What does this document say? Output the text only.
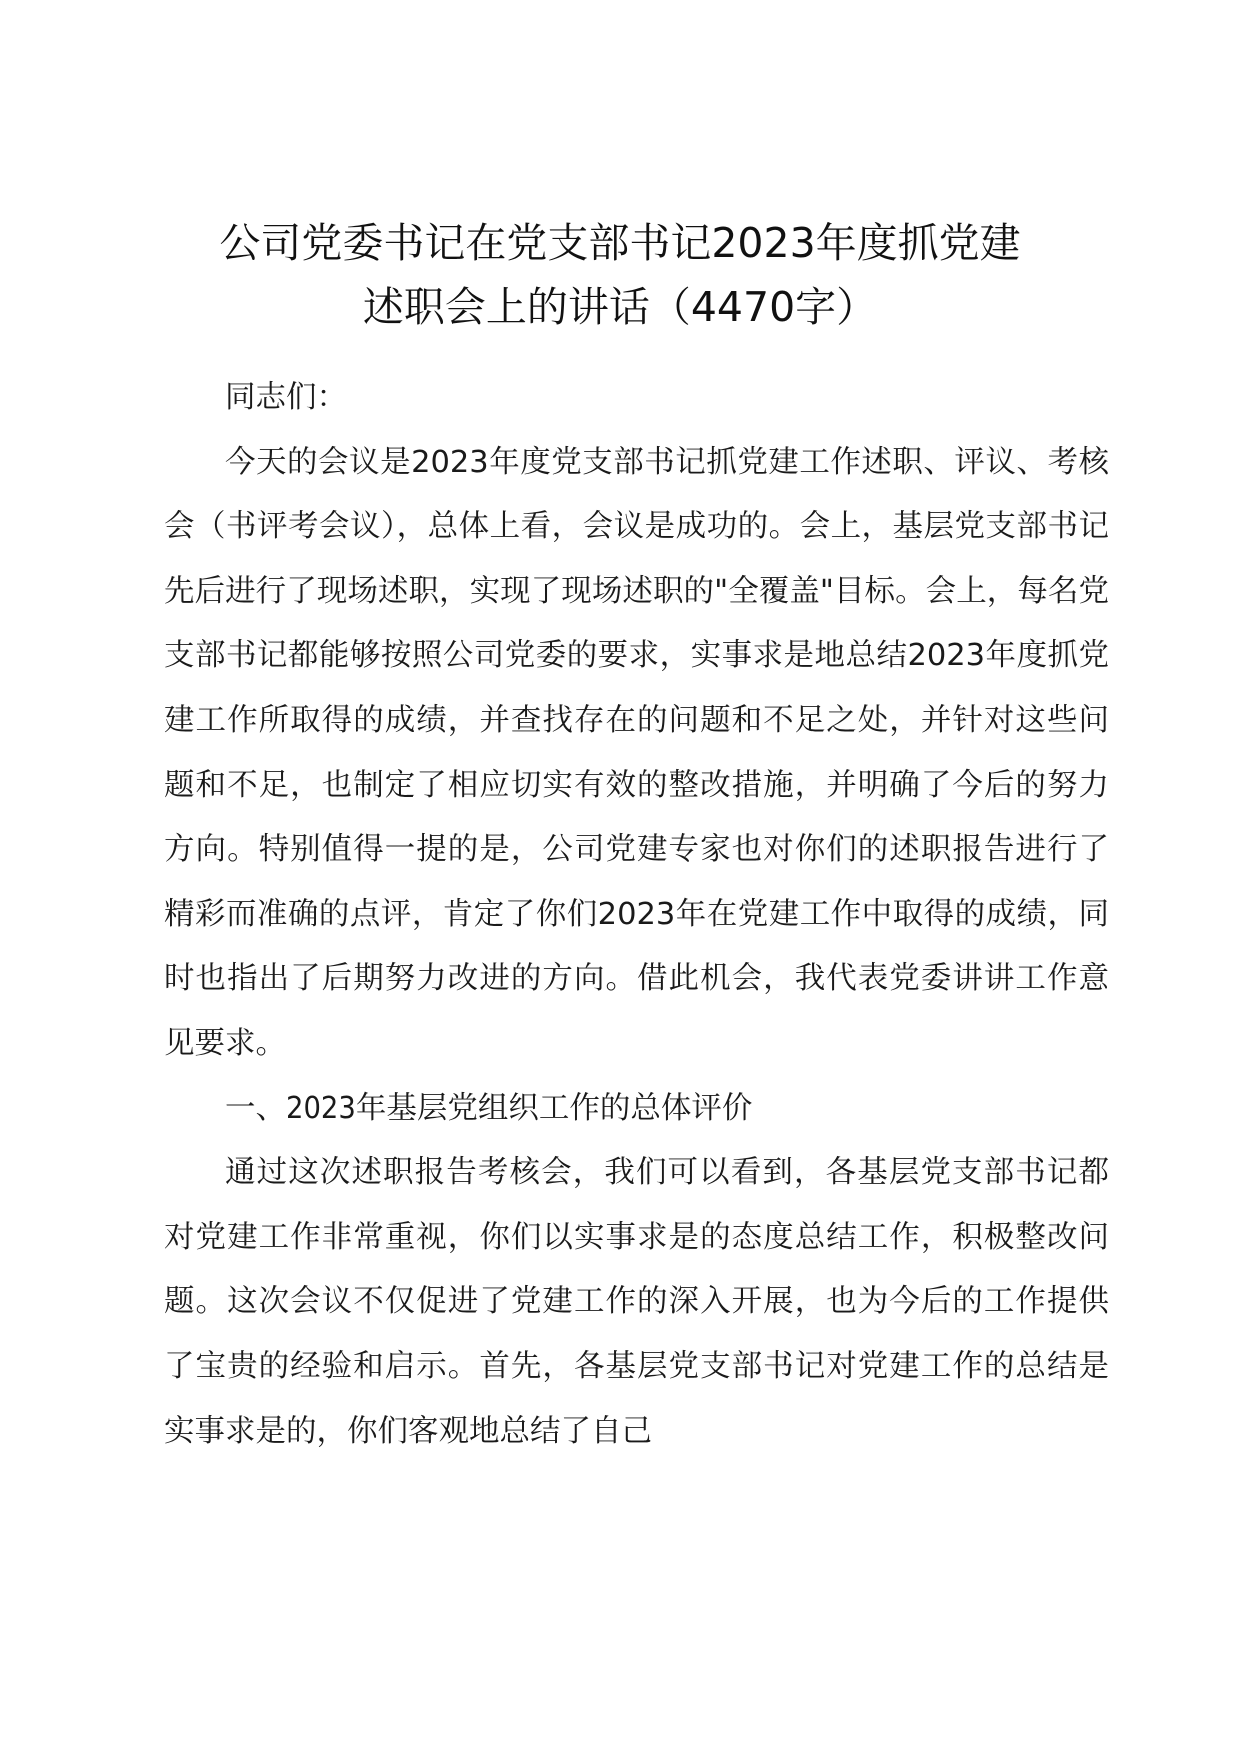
公司党委书记在党支部书记2023年度抓党建
述职会上的讲话（4470字）

同志们：

今天的会议是2023年度党支部书记抓党建工作述职、评议、考核会（书评考会议），总体上看，会议是成功的。会上，基层党支部书记先后进行了现场述职，实现了现场述职的"全覆盖"目标。会上，每名党支部书记都能够按照公司党委的要求，实事求是地总结2023年度抓党建工作所取得的成绩，并查找存在的问题和不足之处，并针对这些问题和不足，也制定了相应切实有效的整改措施，并明确了今后的努力方向。特别值得一提的是，公司党建专家也对你们的述职报告进行了精彩而准确的点评，肯定了你们2023年在党建工作中取得的成绩，同时也指出了后期努力改进的方向。借此机会，我代表党委讲讲工作意见要求。

一、2023年基层党组织工作的总体评价

通过这次述职报告考核会，我们可以看到，各基层党支部书记都对党建工作非常重视，你们以实事求是的态度总结工作，积极整改问题。这次会议不仅促进了党建工作的深入开展，也为今后的工作提供了宝贵的经验和启示。首先，各基层党支部书记对党建工作的总结是实事求是的，你们客观地总结了自己
